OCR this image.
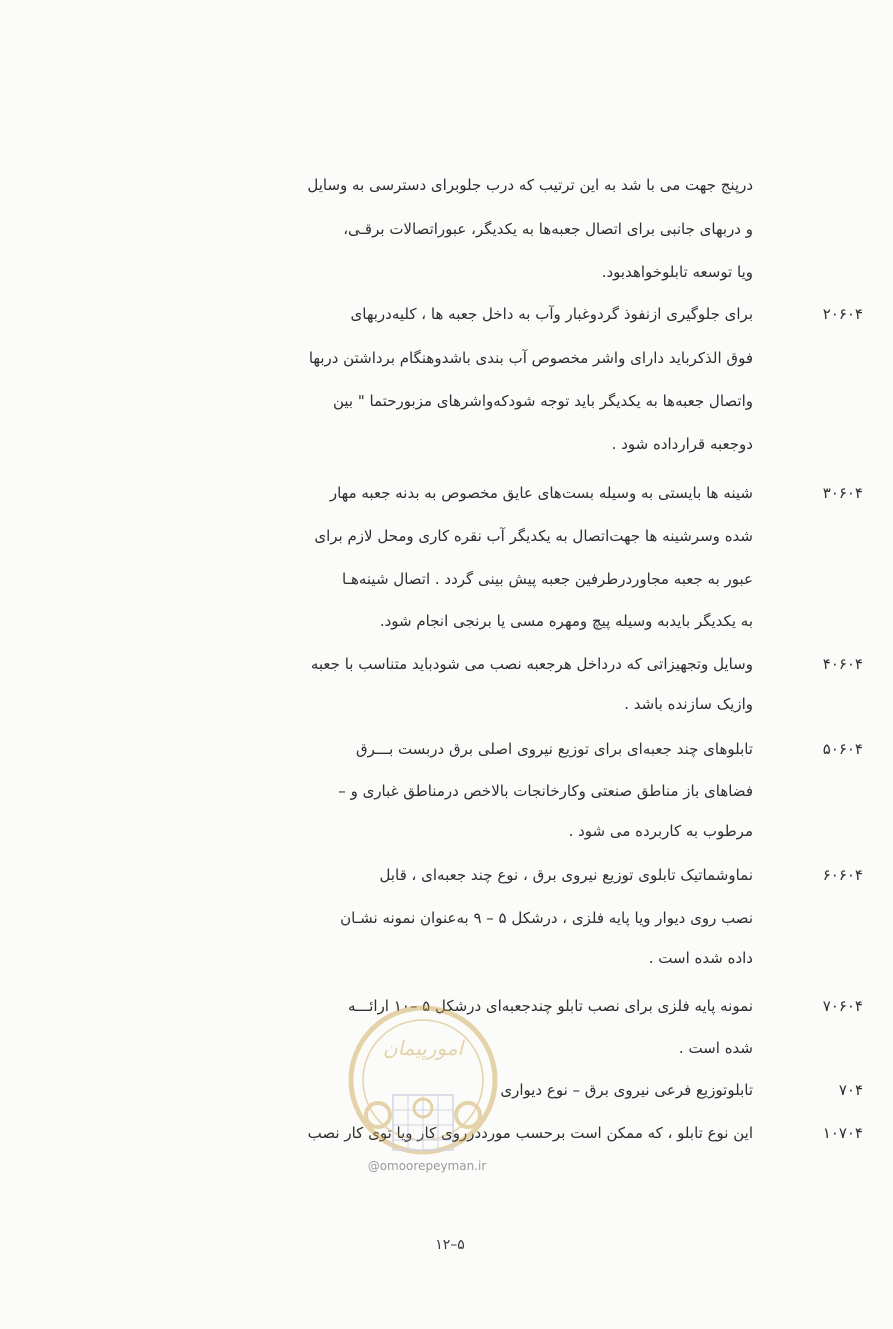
درپنج جهت می با شد به این ترتیب که درب جلوبرای دسترسی به وسایل
و دربهای جانبی برای اتصال جعبه‌ها به یکدیگر، عبوراتصالات برقـی،
ویا توسعه تابلوخواهدبود.
برای جلوگیری ازنفوذ گردوغبار وآب به داخل جعبه ها ، کلیه‌دربهای
فوق الذکرباید دارای واشر مخصوص آب بندی باشدوهنگام برداشتن دربها
واتصال جعبه‌ها به یکدیگر باید توجه شودکه‌واشرهای مزبورحتما " بین
دوجعبه قرارداده شود .
شینه ها بایستی به وسیله بست‌های عایق مخصوص به بدنه جعبه مهار
شده وسرشینه ها جهت‌اتصال به یکدیگر آب نقره کاری ومحل لازم برای
عبور به جعبه مجاوردرطرفین جعبه پیش بینی گردد . اتصال شینه‌هـا
به یکدیگر بایدبه وسیله پیچ ومهره مسی یا برنجی انجام شود.
وسایل وتجهیزاتی که درداخل هرجعبه نصب می شودباید متناسب با جعبه
وازیک سازنده باشد .
تابلوهای چند جعبه‌ای برای توزیع نیروی اصلی برق دربست بـــرق
فضاهای باز مناطق صنعتی وکارخانجات بالاخص درمناطق غباری و –
مرطوب به کاربرده می شود .
نماوشماتیک تابلوی توزیع نیروی برق ، نوع چند جعبه‌ای ، قابل
نصب روی دیوار ویا پایه فلزی ، درشکل ۵ – ۹ به‌عنوان نمونه نشـان
داده شده است .
نمونه پایه فلزی برای نصب تابلو چندجعبه‌ای درشکل ۵ –۱۰ ارائـــه
شده است .
تابلوتوزیع فرعی نیروی برق – نوع دیواری
این نوع تابلو ، که ممکن است برحسب مورددرروی کار ویا توی کار نصب
۲۰۶۰۴
۳۰۶۰۴
۴۰۶۰۴
۵۰۶۰۴
۶۰۶۰۴
۷۰۶۰۴
۷۰۴
۱۰۷۰۴
امورپیمان
@omoorepeyman.ir
۱۲–۵
